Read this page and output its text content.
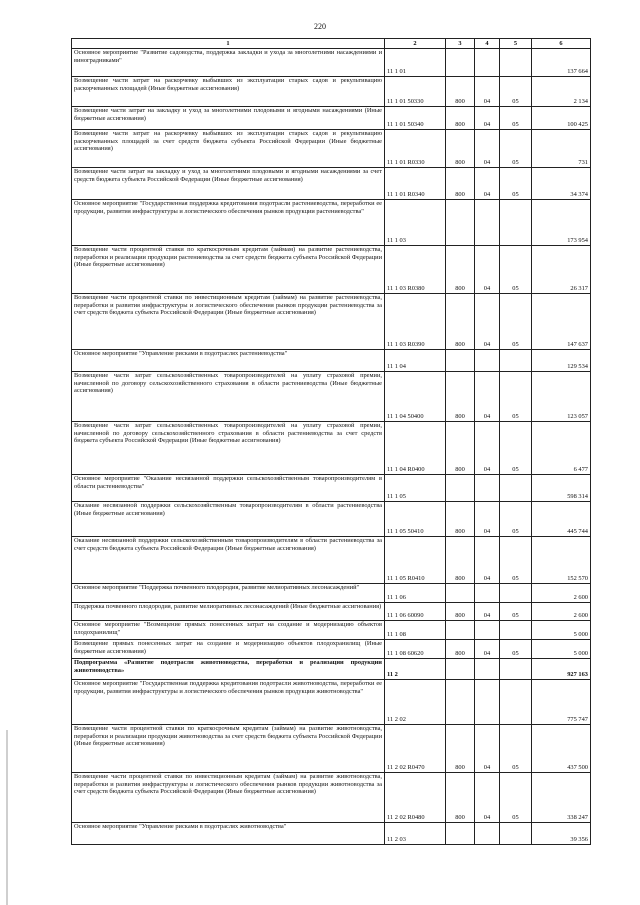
220
1	2	3	4	5	6
Основное мероприятие "Развитие садоводства, поддержка закладки и ухода за многолетними насаждениями и виноградниками"	11 1 01				137 664
Возмещение части затрат на раскорчевку выбывших из эксплуатации старых садов и рекультивацию раскорчеванных площадей (Иные бюджетные ассигнования)	11 1 01 50330	800	04	05	2 134
Возмещение части затрат на закладку и уход за многолетними плодовыми и ягодными насаждениями (Иные бюджетные ассигнования)	11 1 01 50340	800	04	05	100 425
Возмещение части затрат на раскорчевку выбывших из эксплуатации старых садов и рекультивацию раскорчеванных площадей за счет средств бюджета субъекта Российской Федерации (Иные бюджетные ассигнования)	11 1 01 R0330	800	04	05	731
Возмещение части затрат на закладку и уход за многолетними плодовыми и ягодными насаждениями за счет средств бюджета субъекта Российской Федерации (Иные бюджетные ассигнования)	11 1 01 R0340	800	04	05	34 374
Основное мероприятие "Государственная поддержка кредитования подотрасли растениеводства, переработки ее продукции, развития инфраструктуры и логистического обеспечения рынков продукции растениеводства"	11 1 03				173 954
Возмещение части процентной ставки по краткосрочным кредитам (займам) на развитие растениеводства, переработки и реализации продукции растениеводства за счет средств бюджета субъекта Российской Федерации (Иные бюджетные ассигнования)	11 1 03 R0380	800	04	05	26 317
Возмещение части процентной ставки по инвестиционным кредитам (займам) на развитие растениеводства, переработки и развития инфраструктуры и логистического обеспечения рынков продукции растениеводства за счет средств бюджета субъекта Российской Федерации (Иные бюджетные ассигнования)	11 1 03 R0390	800	04	05	147 637
Основное мероприятие "Управление рисками в подотраслях растениеводства"	11 1 04				129 534
Возмещение части затрат сельскохозяйственных товаропроизводителей на уплату страховой премии, начисленной по договору сельскохозяйственного страхования в области растениеводства (Иные бюджетные ассигнования)	11 1 04 50400	800	04	05	123 057
Возмещение части затрат сельскохозяйственных товаропроизводителей на уплату страховой премии, начисленной по договору сельскохозяйственного страхования в области растениеводства за счет средств бюджета субъекта Российской Федерации (Иные бюджетные ассигнования)	11 1 04 R0400	800	04	05	6 477
Основное мероприятие "Оказание несвязанной поддержки сельскохозяйственным товаропроизводителям в области растениеводства"	11 1 05				598 314
Оказание несвязанной поддержки сельскохозяйственным товаропроизводителям в области растениеводства (Иные бюджетные ассигнования)	11 1 05 50410	800	04	05	445 744
Оказание несвязанной поддержки сельскохозяйственным товаропроизводителям в области растениеводства за счет средств бюджета субъекта Российской Федерации (Иные бюджетные ассигнования)	11 1 05 R0410	800	04	05	152 570
Основное мероприятие "Поддержка почвенного плодородия, развитие мелиоративных лесонасаждений"	11 1 06				2 600
Поддержка почвенного плодородия, развитие мелиоративных лесонасаждений (Иные бюджетные ассигнования)	11 1 06 60090	800	04	05	2 600
Основное мероприятие "Возмещение прямых понесенных затрат на создание и модернизацию объектов плодохранилищ"	11 1 08				5 000
Возмещение прямых понесенных затрат на создание и модернизацию объектов плодохранилищ (Иные бюджетные ассигнования)	11 1 08 60620	800	04	05	5 000
Подпрограмма «Развитие подотрасли животноводства, переработки и реализации продукции животноводства»	11 2				927 163
Основное мероприятие "Государственная поддержка кредитования подотрасли животноводства, переработки ее продукции, развития инфраструктуры и логистического обеспечения рынков продукции животноводства"	11 2 02				775 747
Возмещение части процентной ставки по краткосрочным кредитам (займам) на развитие животноводства, переработки и реализации продукции животноводства за счет средств бюджета субъекта Российской Федерации (Иные бюджетные ассигнования)	11 2 02 R0470	800	04	05	437 500
Возмещение части процентной ставки по инвестиционным кредитам (займам) на развитие животноводства, переработки и развития инфраструктуры и логистического обеспечения рынков продукции животноводства за счет средств бюджета субъекта Российской Федерации (Иные бюджетные ассигнования)	11 2 02 R0480	800	04	05	338 247
Основное мероприятие "Управление рисками в подотраслях животноводства"	11 2 03				39 356
